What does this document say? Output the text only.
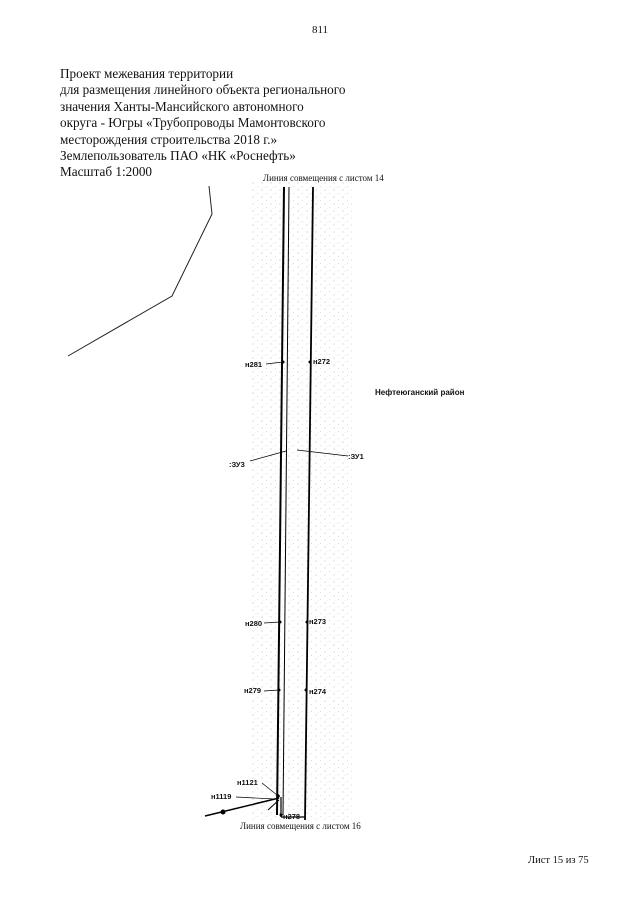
811
Проект межевания территории
для размещения линейного объекта регионального
значения Ханты-Мансийского автономного
округа - Югры «Трубопроводы Мамонтовского
месторождения строительства 2018 г.»
Землепользователь ПАО «НК «Роснефть»
Масштаб 1:2000	Линия совмещения с листом 14
н281	н272
Нефтеюганский район
:ЗУ3
:ЗУ1
н280	н273
н279	н274
н1121
н1119
н278
Линия совмещения с листом 16
Лист 15 из 75
